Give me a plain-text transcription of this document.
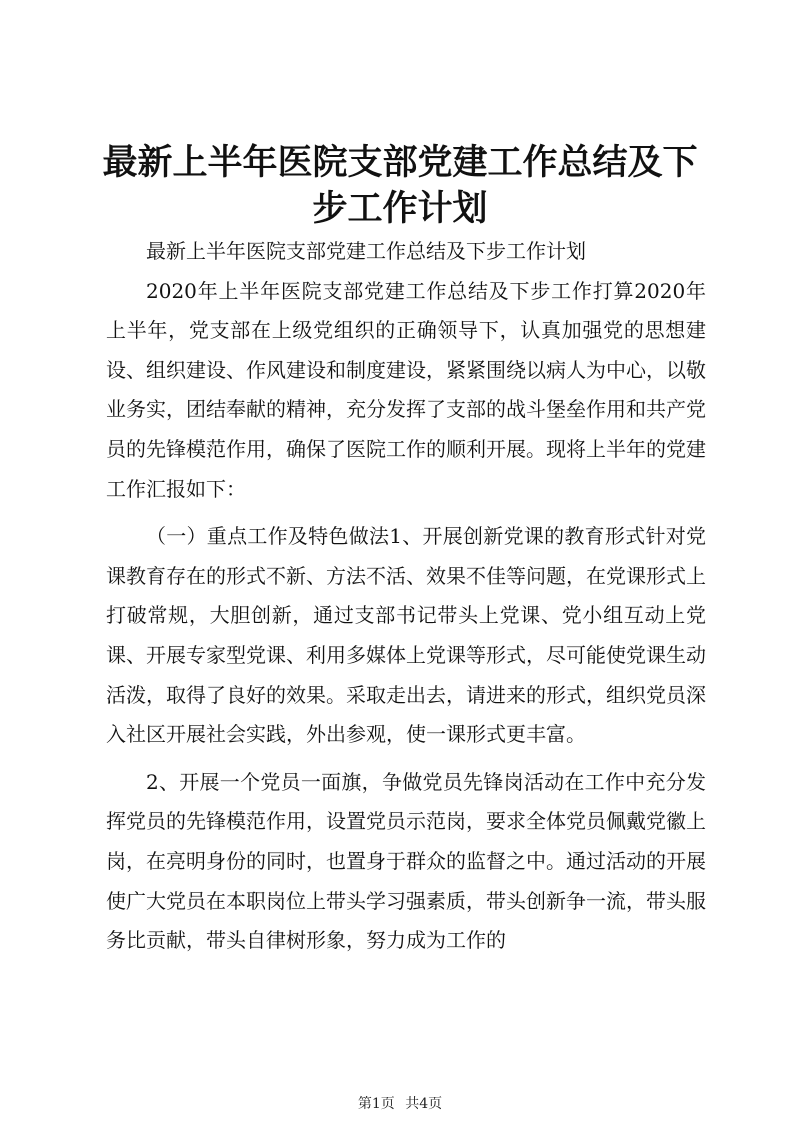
最新上半年医院支部党建工作总结及下步工作计划

最新上半年医院支部党建工作总结及下步工作计划

2020年上半年医院支部党建工作总结及下步工作打算2020年上半年，党支部在上级党组织的正确领导下，认真加强党的思想建设、组织建设、作风建设和制度建设，紧紧围绕以病人为中心，以敬业务实，团结奉献的精神，充分发挥了支部的战斗堡垒作用和共产党员的先锋模范作用，确保了医院工作的顺利开展。现将上半年的党建工作汇报如下：

（一）重点工作及特色做法1、开展创新党课的教育形式针对党课教育存在的形式不新、方法不活、效果不佳等问题，在党课形式上打破常规，大胆创新，通过支部书记带头上党课、党小组互动上党课、开展专家型党课、利用多媒体上党课等形式，尽可能使党课生动活泼，取得了良好的效果。采取走出去，请进来的形式，组织党员深入社区开展社会实践，外出参观，使一课形式更丰富。

2、开展一个党员一面旗，争做党员先锋岗活动在工作中充分发挥党员的先锋模范作用，设置党员示范岗，要求全体党员佩戴党徽上岗，在亮明身份的同时，也置身于群众的监督之中。通过活动的开展使广大党员在本职岗位上带头学习强素质，带头创新争一流，带头服务比贡献，带头自律树形象，努力成为工作的

第1页 共4页
